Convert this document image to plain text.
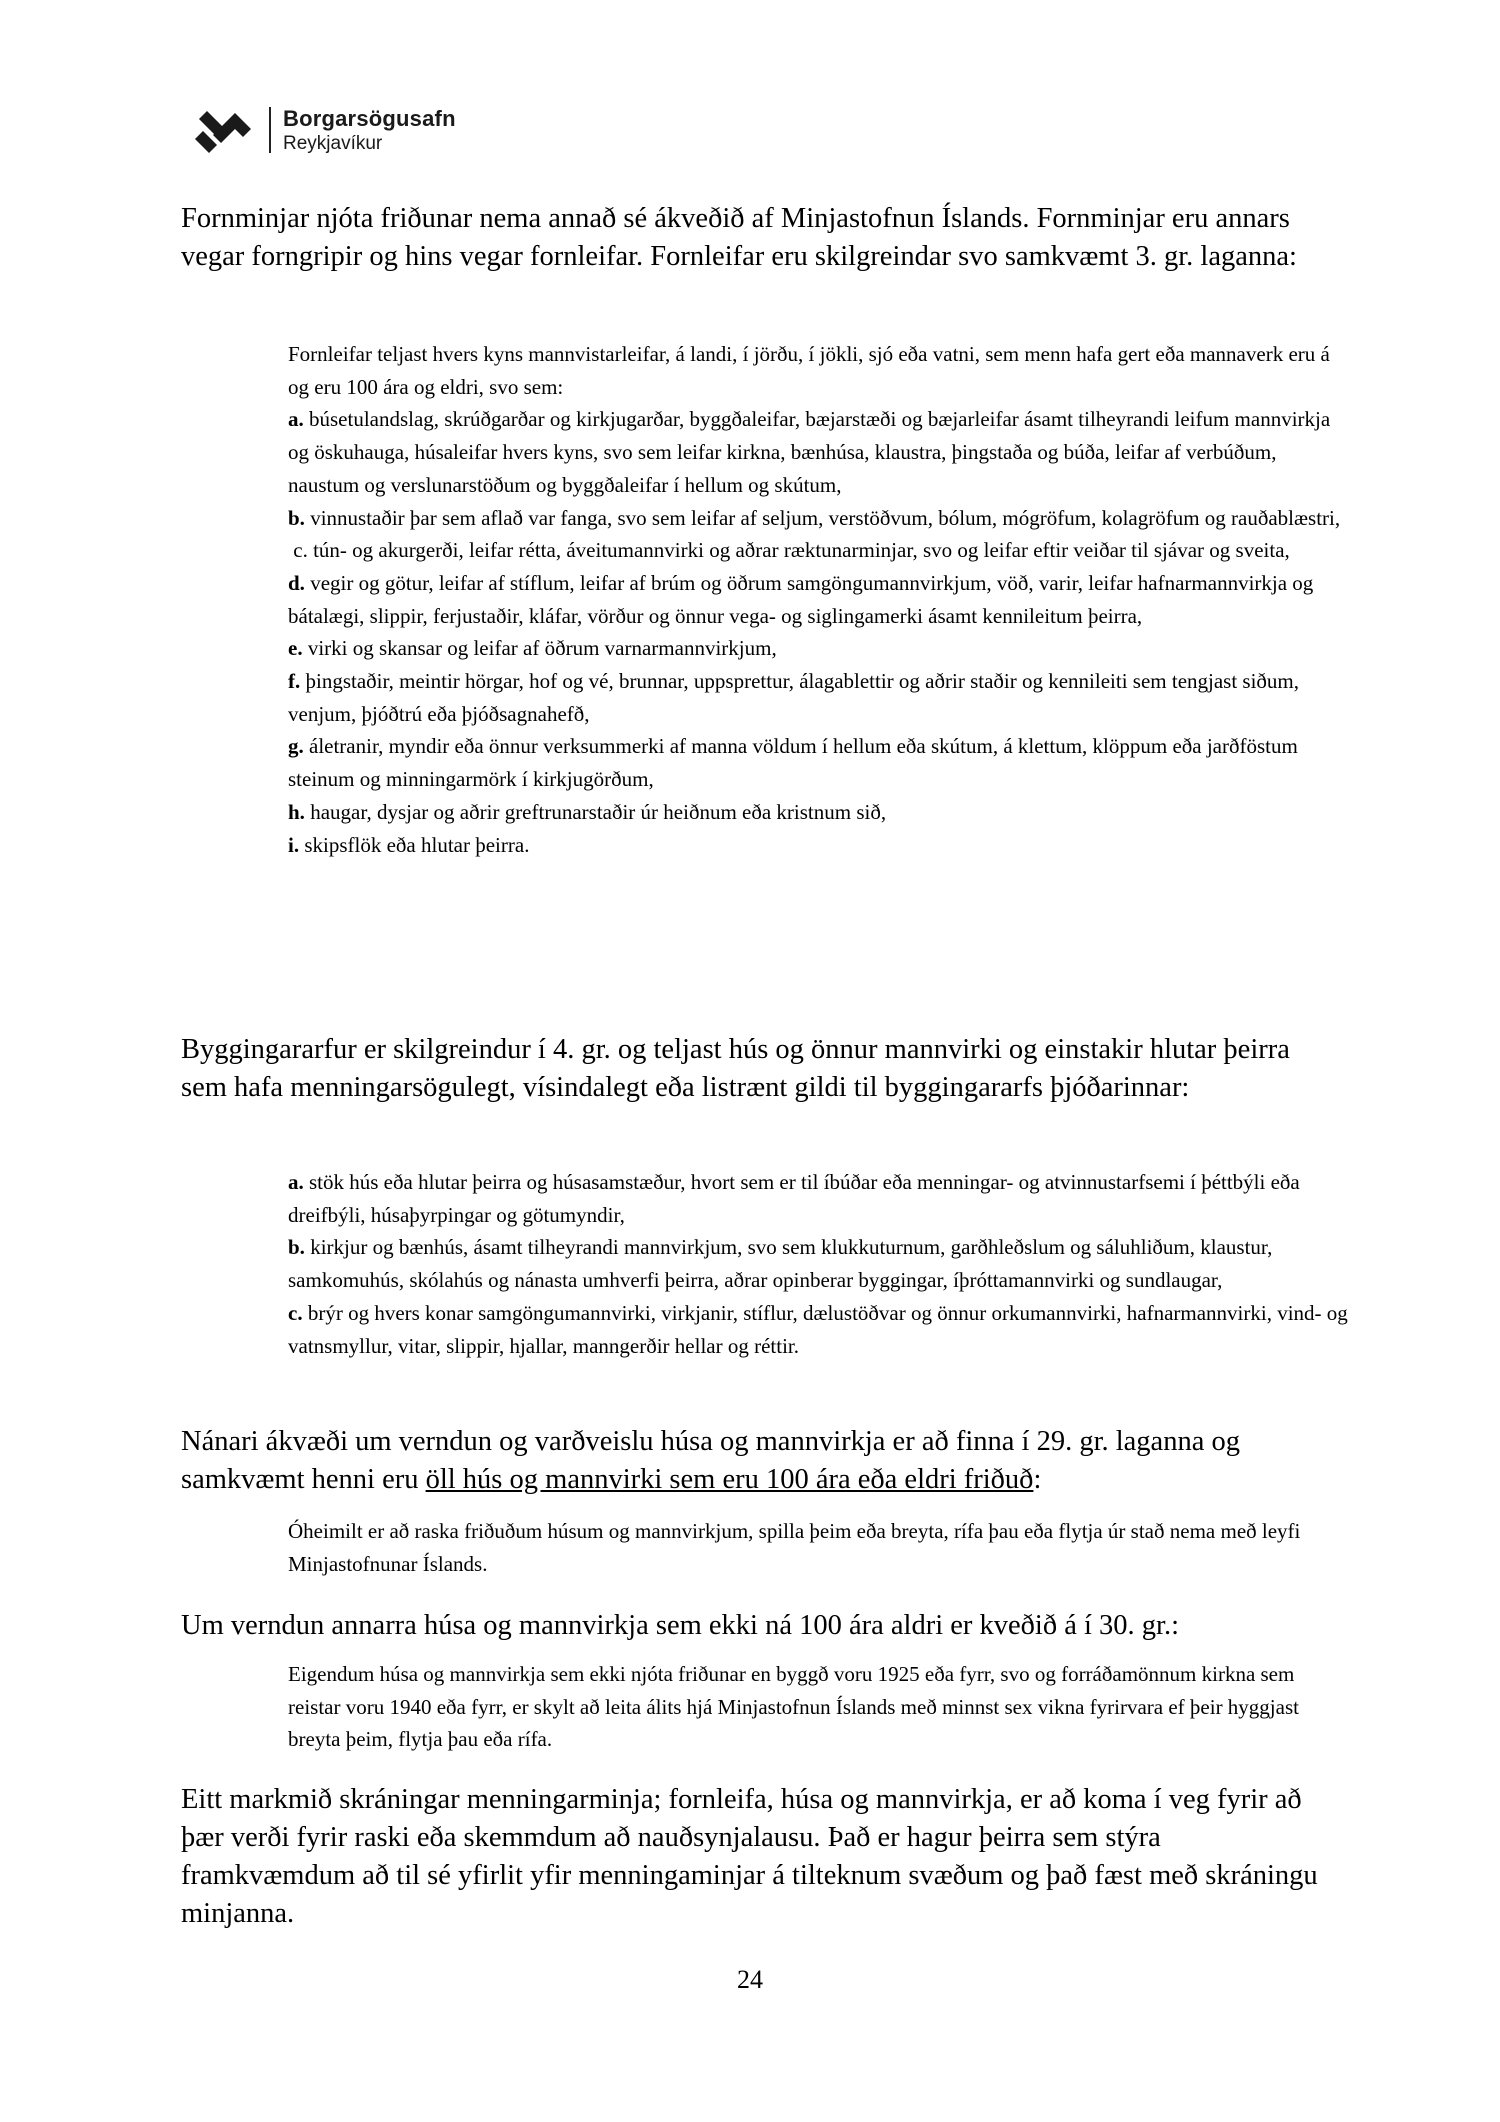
Borgarsögusafn
Reykjavíkur

Fornminjar njóta friðunar nema annað sé ákveðið af Minjastofnun Íslands. Fornminjar eru annars vegar forngripir og hins vegar fornleifar. Fornleifar eru skilgreindar svo samkvæmt 3. gr. laganna:

Fornleifar teljast hvers kyns mannvistarleifar, á landi, í jörðu, í jökli, sjó eða vatni, sem menn hafa gert eða mannaverk eru á og eru 100 ára og eldri, svo sem:
a. búsetulandslag, skrúðgarðar og kirkjugarðar, byggðaleifar, bæjarstæði og bæjarleifar ásamt tilheyrandi leifum mannvirkja og öskuhauga, húsaleifar hvers kyns, svo sem leifar kirkna, bænhúsa, klaustra, þingstaða og búða, leifar af verbúðum, naustum og verslunarstöðum og byggðaleifar í hellum og skútum,
b. vinnustaðir þar sem aflað var fanga, svo sem leifar af seljum, verstöðvum, bólum, mógröfum, kolagröfum og rauðablæstri,
c. tún- og akurgerði, leifar rétta, áveitumannvirki og aðrar ræktunarminjar, svo og leifar eftir veiðar til sjávar og sveita,
d. vegir og götur, leifar af stíflum, leifar af brúm og öðrum samgöngumannvirkjum, vöð, varir, leifar hafnarmannvirkja og bátalægi, slippir, ferjustaðir, kláfar, vörður og önnur vega- og siglingamerki ásamt kennileitum þeirra,
e. virki og skansar og leifar af öðrum varnarmannvirkjum,
f. þingstaðir, meintir hörgar, hof og vé, brunnar, uppsprettur, álagablettir og aðrir staðir og kennileiti sem tengjast siðum, venjum, þjóðtrú eða þjóðsagnahefð,
g. áletranir, myndir eða önnur verksummerki af manna völdum í hellum eða skútum, á klettum, klöppum eða jarðföstum steinum og minningarmörk í kirkjugörðum,
h. haugar, dysjar og aðrir greftrunarstaðir úr heiðnum eða kristnum sið,
i. skipsflök eða hlutar þeirra.

Byggingararfur er skilgreindur í 4. gr. og teljast hús og önnur mannvirki og einstakir hlutar þeirra sem hafa menningarsögulegt, vísindalegt eða listrænt gildi til byggingararfs þjóðarinnar:

a. stök hús eða hlutar þeirra og húsasamstæður, hvort sem er til íbúðar eða menningar- og atvinnustarfsemi í þéttbýli eða dreifbýli, húsaþyrpingar og götumyndir,
b. kirkjur og bænhús, ásamt tilheyrandi mannvirkjum, svo sem klukkuturnum, garðhleðslum og sáluhliðum, klaustur, samkomuhús, skólahús og nánasta umhverfi þeirra, aðrar opinberar byggingar, íþróttamannvirki og sundlaugar,
c. brýr og hvers konar samgöngumannvirki, virkjanir, stíflur, dælustöðvar og önnur orkumannvirki, hafnarmannvirki, vind- og vatnsmyllur, vitar, slippir, hjallar, manngerðir hellar og réttir.

Nánari ákvæði um verndun og varðveislu húsa og mannvirkja er að finna í 29. gr. laganna og samkvæmt henni eru öll hús og mannvirki sem eru 100 ára eða eldri friðuð:

Óheimilt er að raska friðuðum húsum og mannvirkjum, spilla þeim eða breyta, rífa þau eða flytja úr stað nema með leyfi Minjastofnunar Íslands.

Um verndun annarra húsa og mannvirkja sem ekki ná 100 ára aldri er kveðið á í 30. gr.:

Eigendum húsa og mannvirkja sem ekki njóta friðunar en byggð voru 1925 eða fyrr, svo og forráðamönnum kirkna sem reistar voru 1940 eða fyrr, er skylt að leita álits hjá Minjastofnun Íslands með minnst sex vikna fyrirvara ef þeir hyggjast breyta þeim, flytja þau eða rífa.

Eitt markmið skráningar menningarminja; fornleifa, húsa og mannvirkja, er að koma í veg fyrir að þær verði fyrir raski eða skemmdum að nauðsynjalausu. Það er hagur þeirra sem stýra framkvæmdum að til sé yfirlit yfir menningaminjar á tilteknum svæðum og það fæst með skráningu minjanna.

24
